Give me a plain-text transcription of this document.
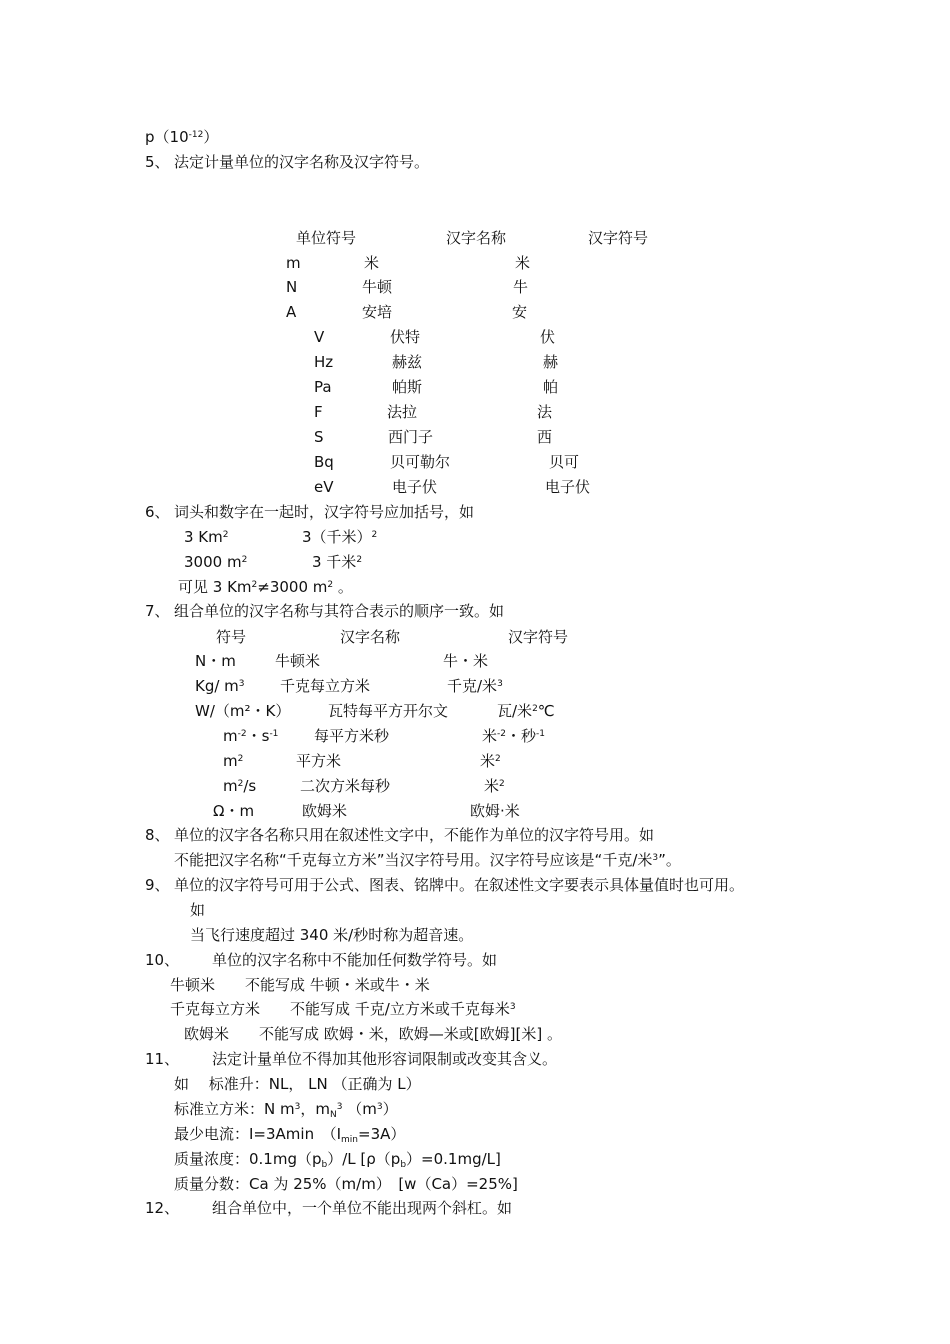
$p(10^{-12})$
5、 法定计量单位的汉字名称及汉字符号。
单位符号	汉字名称	汉字符号
m	米	米
N	牛顿	牛
A	安培	安
V	伏特	伏
Hz	赫兹	赫
Pa	帕斯	帕
F	法拉	法
S	西门子	西
Bq	贝可勒尔	贝可
eV	电子伏	电子伏
6、 词头和数字在一起时，汉字符号应加括号，如
3 Km$^2$	3（千米）$^2$
3000 $m^2$	3 千米$^2$
可见 3 $Km^2\ne 3000$ $m^2$ 。
7、 组合单位的汉字名称与其符合表示的顺序一致。如
符号	汉字名称	汉字符号
N・m	牛顿米	牛・米
Kg/ $m^3$ 千克每立方米	千克/米$^3$
W/（m²・K）	瓦特每平方开尔文	瓦/米$^2$℃
$m^{-2}$・$s^{-1}$ 每平方米秒	米$^{-2}$・秒$^{-1}$
$m^2$	平方米	米$^2$
$m^2/s$	二次方米每秒	米$^2$
Ω・m	欧姆米	欧姆·米
8、 单位的汉字各名称只用在叙述性文字中，不能作为单位的汉字符号用。如
不能把汉字名称“千克每立方米”当汉字符号用。汉字符号应该是“千克/米$^3$”。
9、 单位的汉字符号可用于公式、图表、铭牌中。在叙述性文字要表示具体量值时也可用。
如
当飞行速度超过 340 米/秒时称为超音速。
10、 单位的汉字名称中不能加任何数学符号。如
牛顿米　　不能写成 牛顿・米或牛・米
千克每立方米　　不能写成 千克/立方米或千克每米$^3$
欧姆米　　不能写成 欧姆・米，欧姆—米或[欧姆][米] 。
11、 法定计量单位不得加其他形容词限制或改变其含义。
如　 标准升：NL， LN （正确为 L）
标准立方米：N $m^3$，$m_N^3$ $(m^3)$
最少电流：I=3Amin　$(I_{min}=3A)$
质量浓度：$0.1mg(p_b)/L$ $[\rho(p_b)=0.1mg/L]$
质量分数：Ca 为 25%（m/m）　[w（Ca）=25%]
12、 组合单位中，一个单位不能出现两个斜杠。如
